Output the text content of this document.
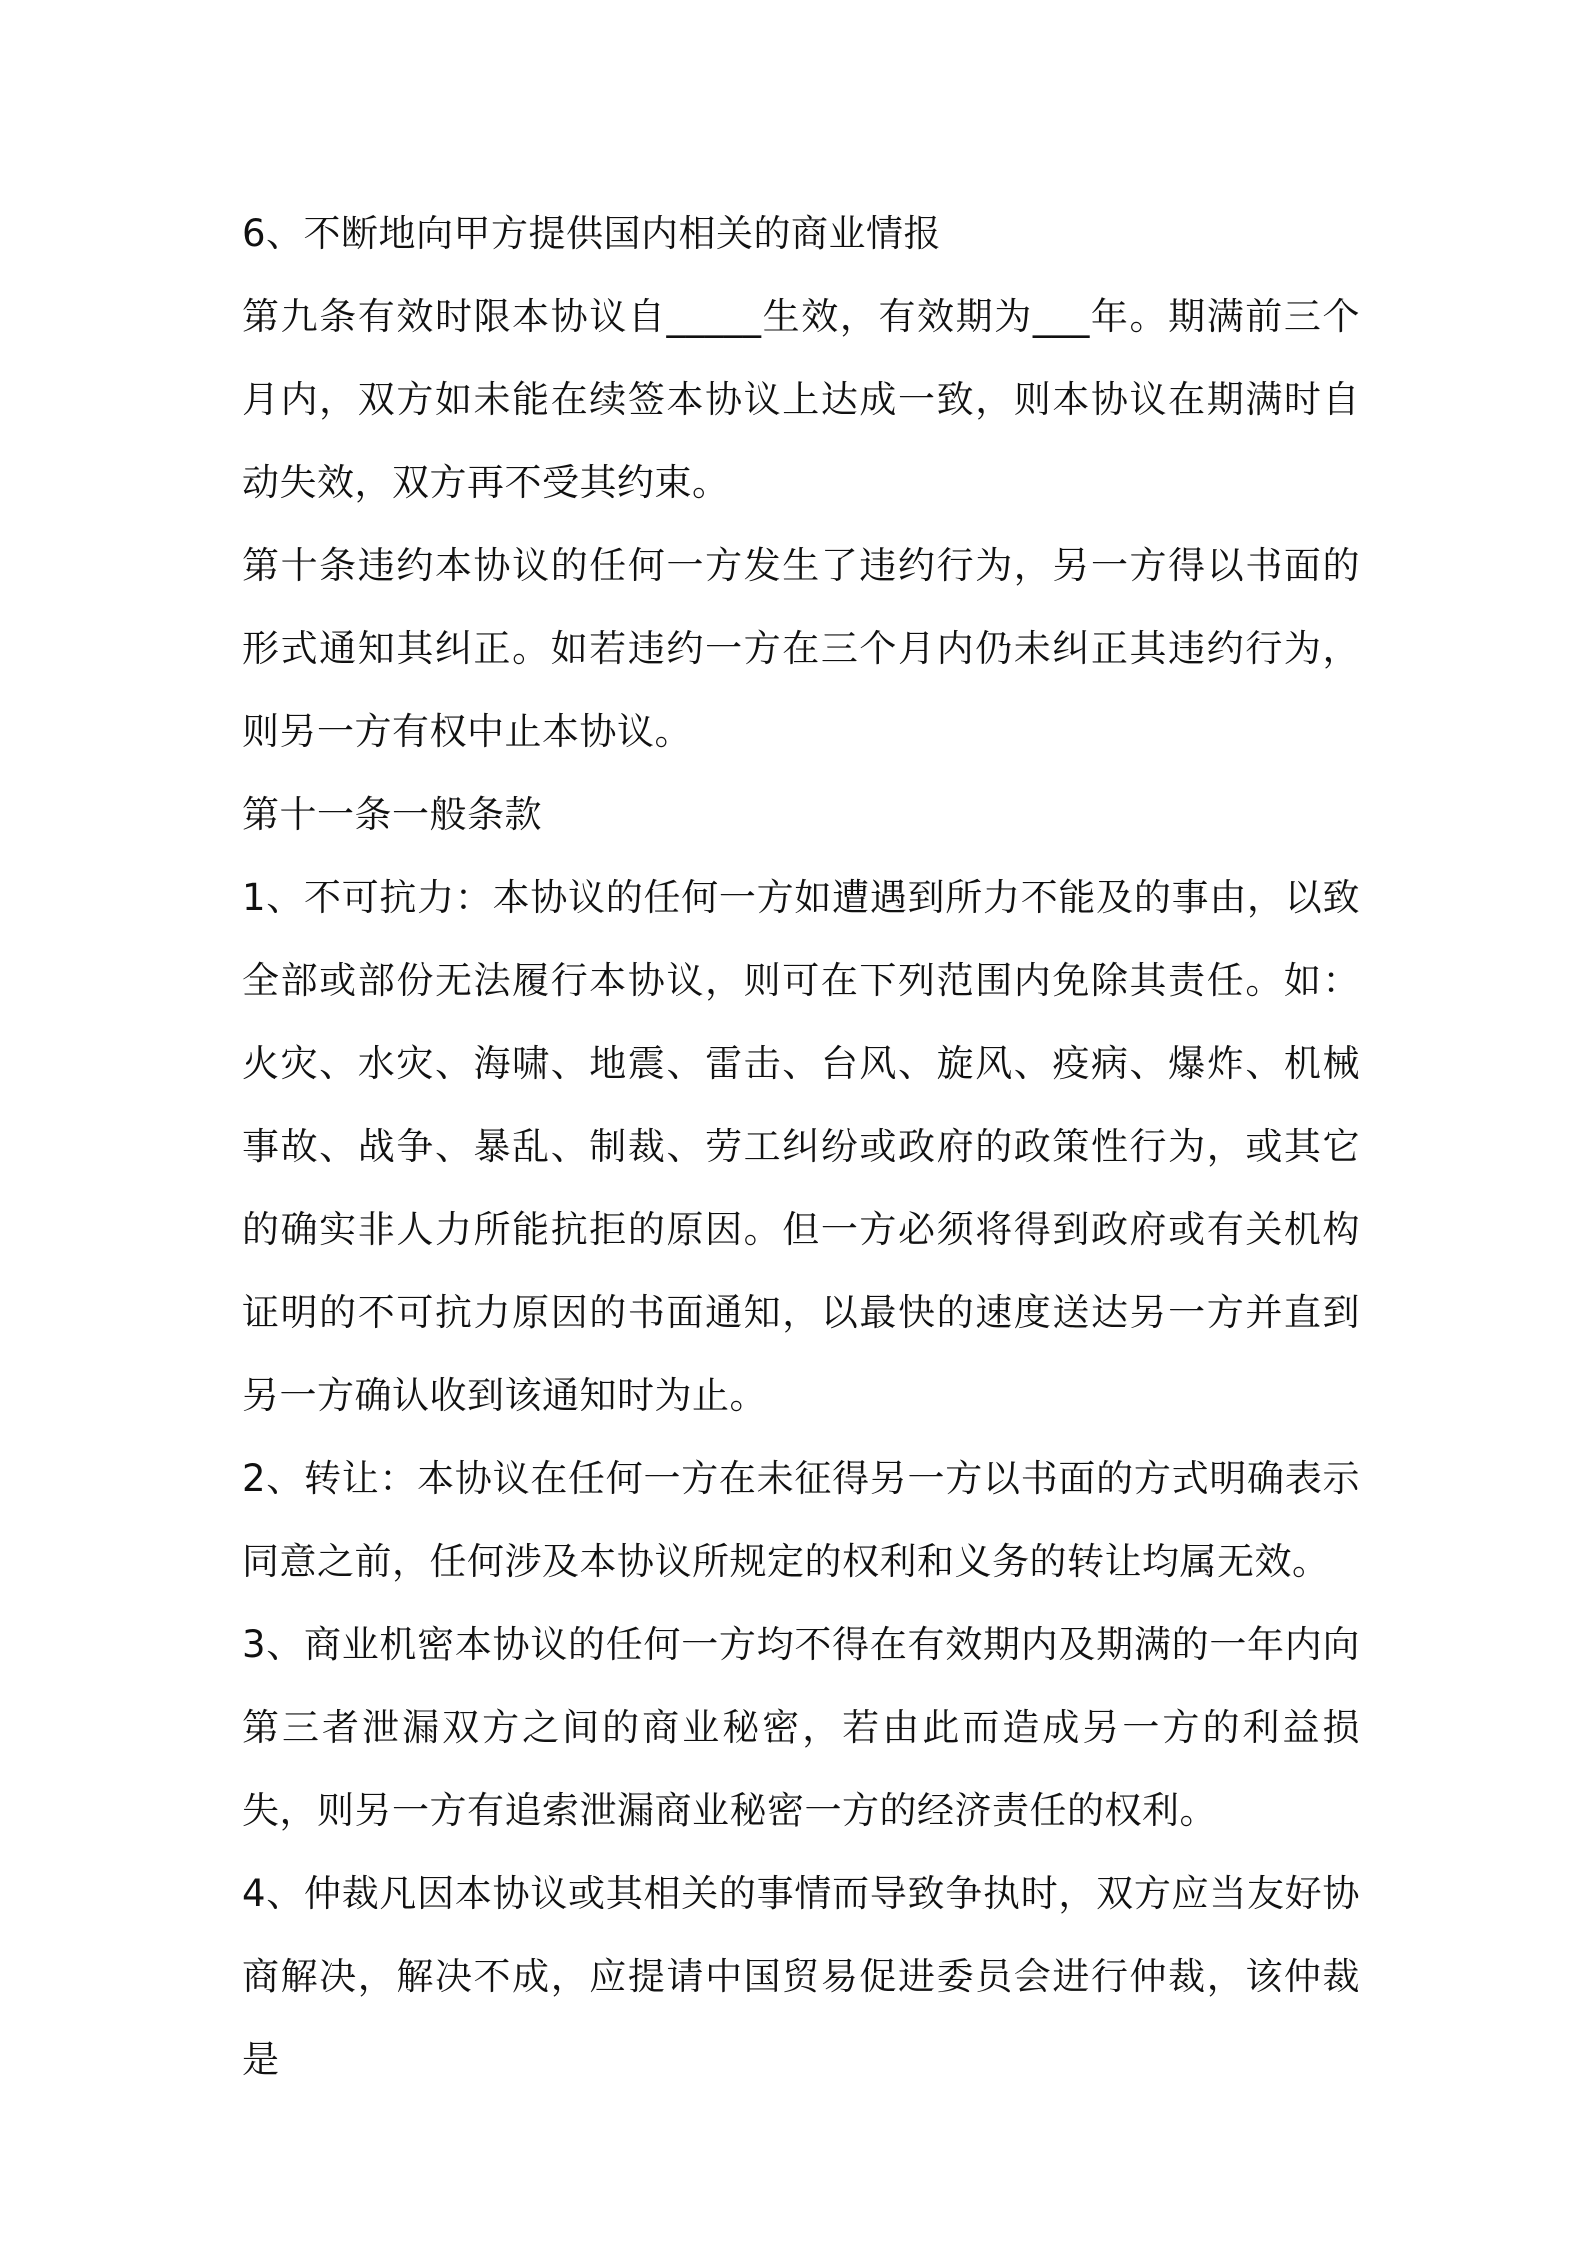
6、不断地向甲方提供国内相关的商业情报

第九条有效时限本协议自_____生效，有效期为___年。期满前三个月内，双方如未能在续签本协议上达成一致，则本协议在期满时自动失效，双方再不受其约束。

第十条违约本协议的任何一方发生了违约行为，另一方得以书面的形式通知其纠正。如若违约一方在三个月内仍未纠正其违约行为，则另一方有权中止本协议。

第十一条一般条款

1、不可抗力：本协议的任何一方如遭遇到所力不能及的事由，以致全部或部份无法履行本协议，则可在下列范围内免除其责任。如：火灾、水灾、海啸、地震、雷击、台风、旋风、疫病、爆炸、机械事故、战争、暴乱、制裁、劳工纠纷或政府的政策性行为，或其它的确实非人力所能抗拒的原因。但一方必须将得到政府或有关机构证明的不可抗力原因的书面通知，以最快的速度送达另一方并直到另一方确认收到该通知时为止。

2、转让：本协议在任何一方在未征得另一方以书面的方式明确表示同意之前，任何涉及本协议所规定的权利和义务的转让均属无效。

3、商业机密本协议的任何一方均不得在有效期内及期满的一年内向第三者泄漏双方之间的商业秘密，若由此而造成另一方的利益损失，则另一方有追索泄漏商业秘密一方的经济责任的权利。

4、仲裁凡因本协议或其相关的事情而导致争执时，双方应当友好协商解决，解决不成，应提请中国贸易促进委员会进行仲裁，该仲裁是
